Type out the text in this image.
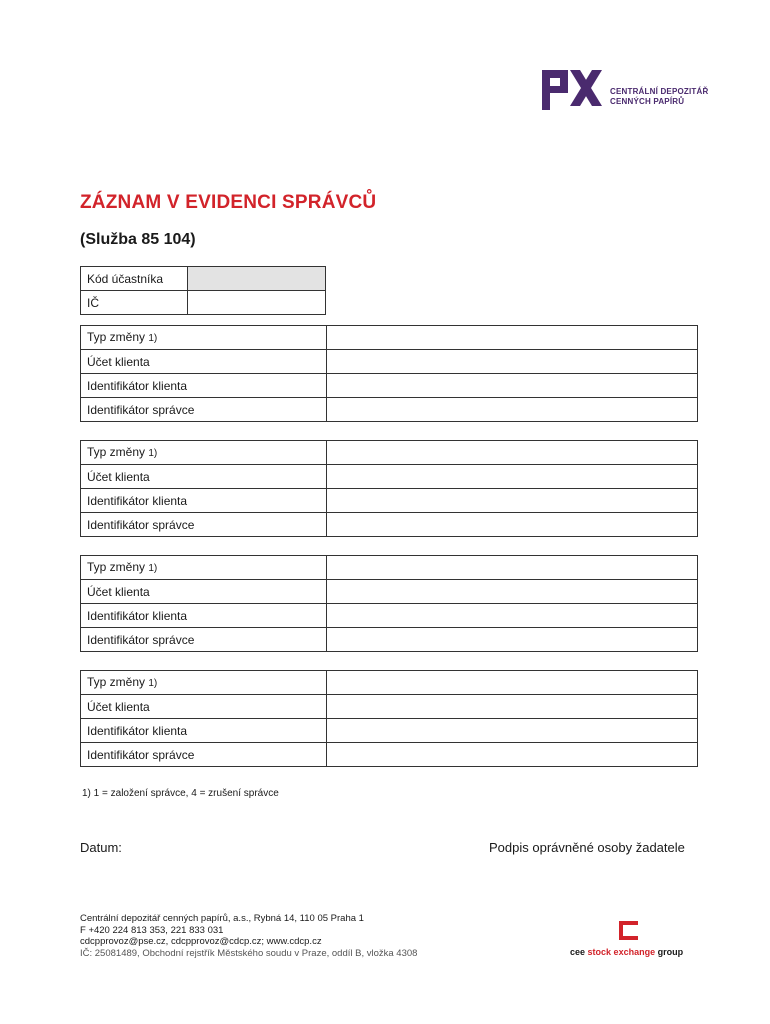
CENTRÁLNÍ DEPOZITÁŘ
CENNÝCH PAPÍRŮ
ZÁZNAM V EVIDENCI SPRÁVCŮ
(Služba 85 104)
Kód účastníka	
IČ	
Typ změny 1)	
Účet klienta	
Identifikátor klienta	
Identifikátor správce	
Typ změny 1)	
Účet klienta	
Identifikátor klienta	
Identifikátor správce	
Typ změny 1)	
Účet klienta	
Identifikátor klienta	
Identifikátor správce	
Typ změny 1)	
Účet klienta	
Identifikátor klienta	
Identifikátor správce	
1) 1 = založení správce, 4 = zrušení správce
Datum:	Podpis oprávněné osoby žadatele
Centrální depozitář cenných papírů, a.s., Rybná 14, 110 05 Praha 1
F +420 224 813 353, 221 833 031
cdcpprovoz@pse.cz, cdcpprovoz@cdcp.cz; www.cdcp.cz
IČ: 25081489, Obchodní rejstřík Městského soudu v Praze, oddíl B, vložka 4308	cee stock exchange group
